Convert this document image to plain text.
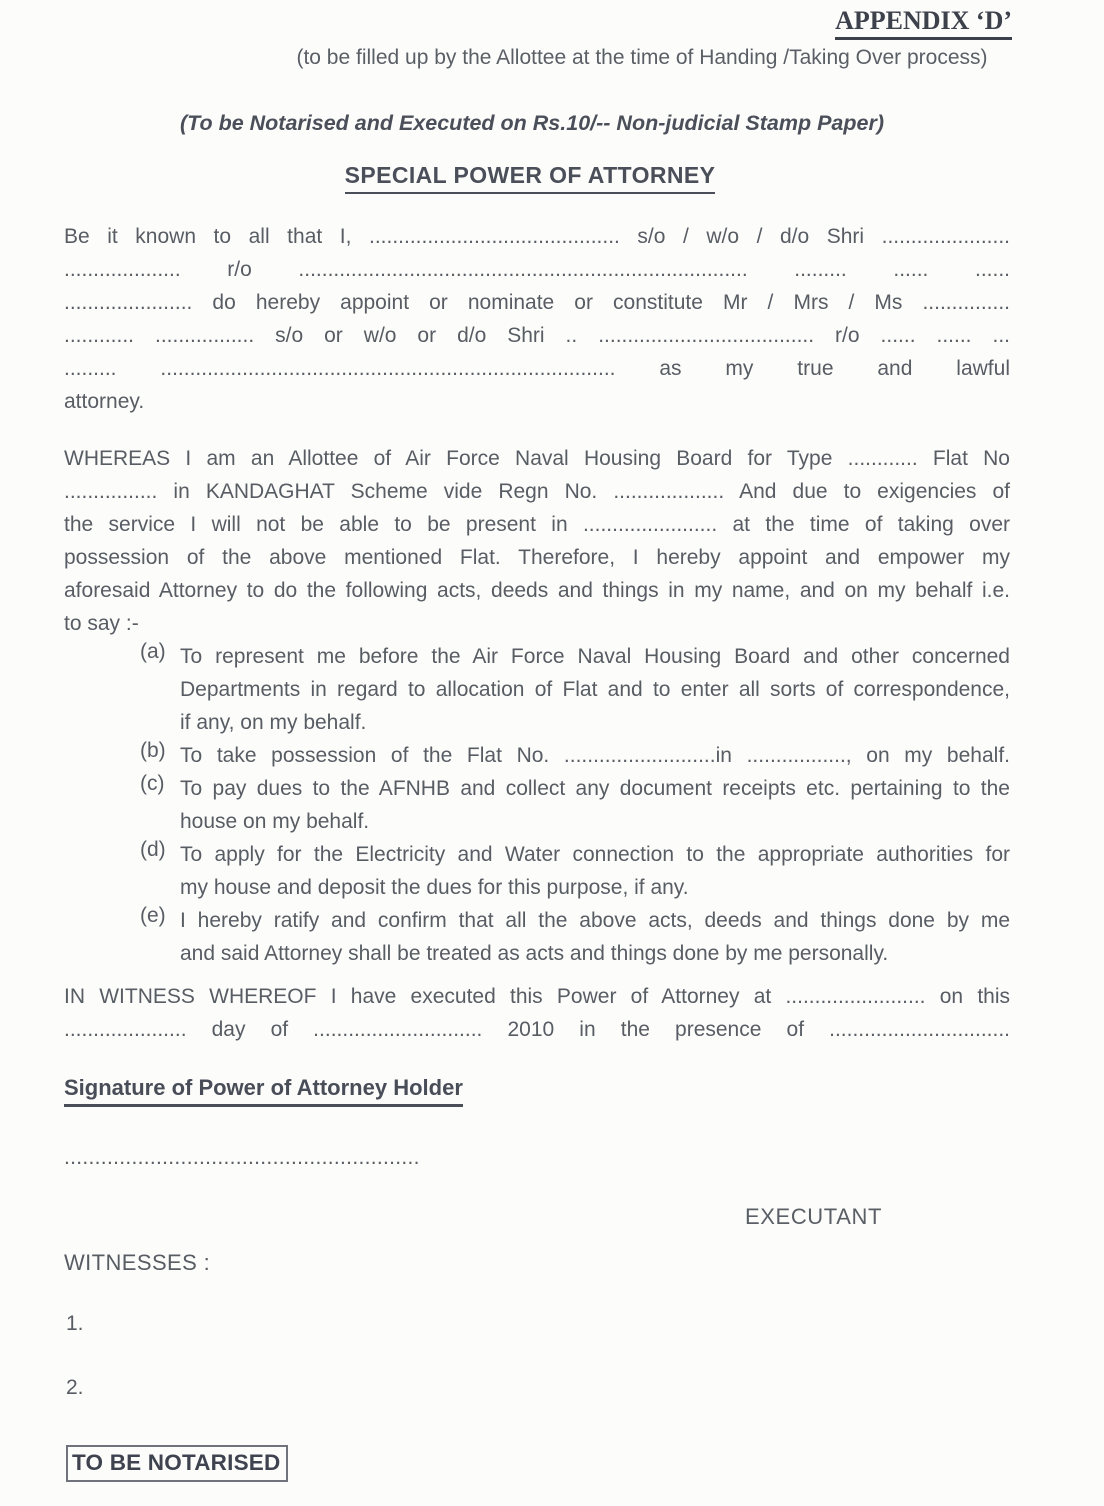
APPENDIX ‘D’
(to be filled up by the Allottee at the time of Handing /Taking Over process)
(To be Notarised and Executed on Rs.10/-- Non-judicial Stamp Paper)
SPECIAL POWER OF ATTORNEY
Be it known to all that I, ........................................... s/o / w/o / d/o Shri ......................
.................... r/o ............................................................................. ......... ...... ......
...................... do hereby appoint or nominate or constitute Mr / Mrs / Ms ...............
............ ................. s/o or w/o or d/o Shri .. ..................................... r/o ...... ...... ...
......... .............................................................................. as my true and lawful
attorney.
WHEREAS I am an Allottee of Air Force Naval Housing Board for Type ............ Flat No
................ in KANDAGHAT Scheme vide Regn No. ................... And due to exigencies of
the service I will not be able to be present in ....................... at the time of taking over
possession of the above mentioned Flat. Therefore, I hereby appoint and empower my
aforesaid Attorney to do the following acts, deeds and things in my name, and on my behalf i.e.
to say :-
(a) To represent me before the Air Force Naval Housing Board and other concerned
Departments in regard to allocation of Flat and to enter all sorts of correspondence,
if any, on my behalf.
(b) To take possession of the Flat No. ..........................in ................., on my behalf.
(c) To pay dues to the AFNHB and collect any document receipts etc. pertaining to the
house on my behalf.
(d) To apply for the Electricity and Water connection to the appropriate authorities for
my house and deposit the dues for this purpose, if any.
(e) I hereby ratify and confirm that all the above acts, deeds and things done by me
and said Attorney shall be treated as acts and things done by me personally.
IN WITNESS WHEREOF I have executed this Power of Attorney at ........................ on this
..................... day of ............................. 2010 in the presence of ...............................
Signature of Power of Attorney Holder
..........................................................
EXECUTANT
WITNESSES :
1.
2.
TO BE NOTARISED
